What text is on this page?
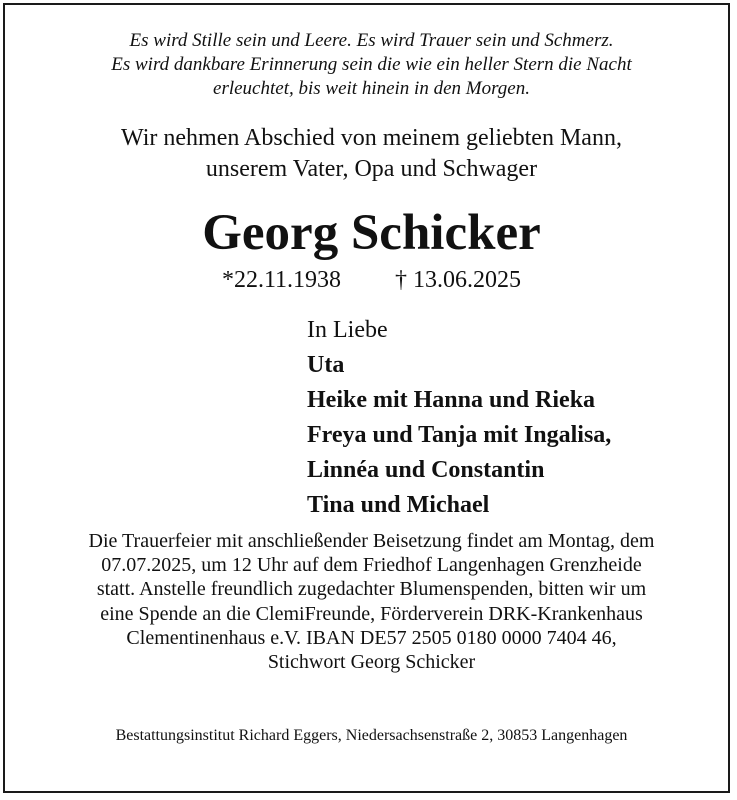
Es wird Stille sein und Leere. Es wird Trauer sein und Schmerz.
Es wird dankbare Erinnerung sein die wie ein heller Stern die Nacht
erleuchtet, bis weit hinein in den Morgen.
Wir nehmen Abschied von meinem geliebten Mann,
unserem Vater, Opa und Schwager
Georg Schicker
*22.11.1938 † 13.06.2025
In Liebe
Uta
Heike mit Hanna und Rieka
Freya und Tanja mit Ingalisa,
Linnéa und Constantin
Tina und Michael
Die Trauerfeier mit anschließender Beisetzung findet am Montag, dem
07.07.2025, um 12 Uhr auf dem Friedhof Langenhagen Grenzheide
statt. Anstelle freundlich zugedachter Blumenspenden, bitten wir um
eine Spende an die ClemiFreunde, Förderverein DRK-Krankenhaus
Clementinenhaus e.V. IBAN DE57 2505 0180 0000 7404 46,
Stichwort Georg Schicker
Bestattungsinstitut Richard Eggers, Niedersachsenstraße 2, 30853 Langenhagen
